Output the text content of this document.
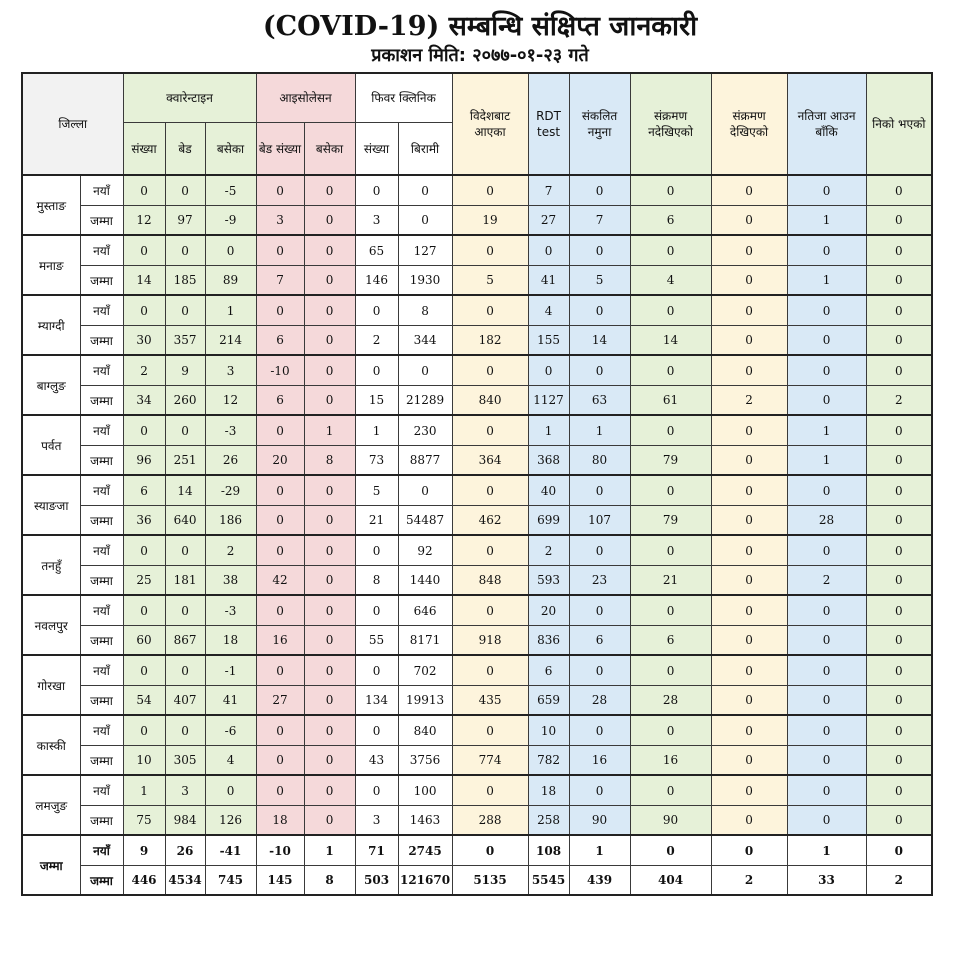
(COVID-19) सम्बन्धि संक्षिप्त जानकारी
प्रकाशन मिति: २०७७-०१-२३ गते
जिल्ला		क्वारेन्टाइन			आइसोलेसन		फिवर क्लिनिक		विदेशबाट आएका	RDT test	संकलित नमुना	संक्रमण नदेखिएको	संक्रमण देखिएको	नतिजा आउन बाँकि	निको भएको
		संख्या	बेड	बसेका	बेड संख्या	बसेका	संख्या	बिरामी							
मुस्ताङ	नयाँ	0	0	-5	0	0	0	0	0	7	0	0	0	0	0
	जम्मा	12	97	-9	3	0	3	0	19	27	7	6	0	1	0
मनाङ	नयाँ	0	0	0	0	0	65	127	0	0	0	0	0	0	0
	जम्मा	14	185	89	7	0	146	1930	5	41	5	4	0	1	0
म्याग्दी	नयाँ	0	0	1	0	0	0	8	0	4	0	0	0	0	0
	जम्मा	30	357	214	6	0	2	344	182	155	14	14	0	0	0
बाग्लुङ	नयाँ	2	9	3	-10	0	0	0	0	0	0	0	0	0	0
	जम्मा	34	260	12	6	0	15	21289	840	1127	63	61	2	0	2
पर्वत	नयाँ	0	0	-3	0	1	1	230	0	1	1	0	0	1	0
	जम्मा	96	251	26	20	8	73	8877	364	368	80	79	0	1	0
स्याङजा	नयाँ	6	14	-29	0	0	5	0	0	40	0	0	0	0	0
	जम्मा	36	640	186	0	0	21	54487	462	699	107	79	0	28	0
तनहुँ	नयाँ	0	0	2	0	0	0	92	0	2	0	0	0	0	0
	जम्मा	25	181	38	42	0	8	1440	848	593	23	21	0	2	0
नवलपुर	नयाँ	0	0	-3	0	0	0	646	0	20	0	0	0	0	0
	जम्मा	60	867	18	16	0	55	8171	918	836	6	6	0	0	0
गोरखा	नयाँ	0	0	-1	0	0	0	702	0	6	0	0	0	0	0
	जम्मा	54	407	41	27	0	134	19913	435	659	28	28	0	0	0
कास्की	नयाँ	0	0	-6	0	0	0	840	0	10	0	0	0	0	0
	जम्मा	10	305	4	0	0	43	3756	774	782	16	16	0	0	0
लमजुङ	नयाँ	1	3	0	0	0	0	100	0	18	0	0	0	0	0
	जम्मा	75	984	126	18	0	3	1463	288	258	90	90	0	0	0
जम्मा	नयाँ	9	26	-41	-10	1	71	2745	0	108	1	0	0	1	0
	जम्मा	446	4534	745	145	8	503	121670	5135	5545	439	404	2	33	2
